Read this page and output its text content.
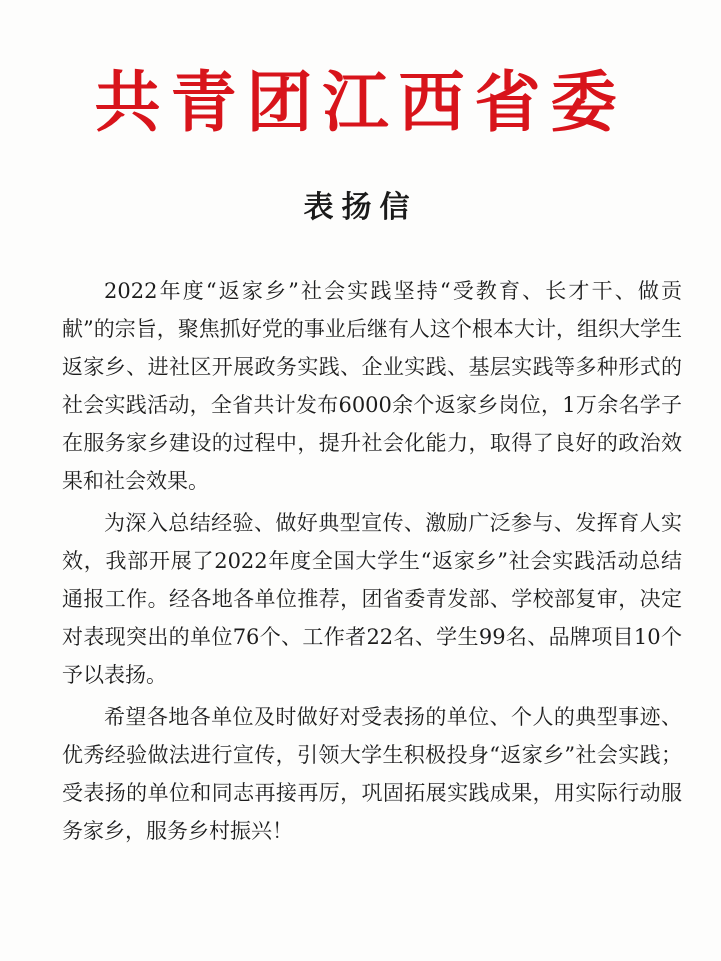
共青团江西省委
表扬信

2022年度“返家乡”社会实践坚持“受教育、长才干、做贡献”的宗旨，聚焦抓好党的事业后继有人这个根本大计，组织大学生返家乡、进社区开展政务实践、企业实践、基层实践等多种形式的社会实践活动，全省共计发布6000余个返家乡岗位，1万余名学子在服务家乡建设的过程中，提升社会化能力，取得了良好的政治效果和社会效果。

为深入总结经验、做好典型宣传、激励广泛参与、发挥育人实效，我部开展了2022年度全国大学生“返家乡”社会实践活动总结通报工作。经各地各单位推荐，团省委青发部、学校部复审，决定对表现突出的单位76个、工作者22名、学生99名、品牌项目10个予以表扬。

希望各地各单位及时做好对受表扬的单位、个人的典型事迹、优秀经验做法进行宣传，引领大学生积极投身“返家乡”社会实践；受表扬的单位和同志再接再厉，巩固拓展实践成果，用实际行动服务家乡，服务乡村振兴！
